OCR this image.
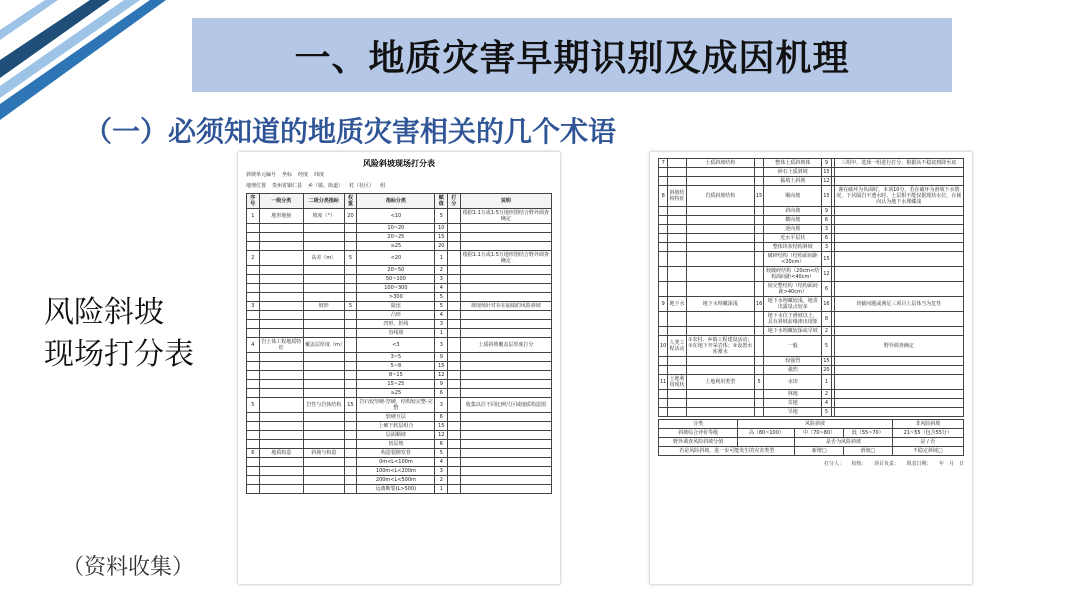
一、地质灾害早期识别及成因机理
（一）必须知道的地质灾害相关的几个术语
风险斜坡
现场打分表
（资料收集）
风险斜坡现场打分表
斜坡单元编号 坐标 经度 纬度
地理位置 贵州省铜仁县 乡（镇、街道） 村（社区） 组
序号	一级分类	二级分类指标	权重	指标分类	赋值	打分	说明
1	地形地貌	坡度（°）	20	<10	5		根据1:1万或1:5万地形图结合野外调查确定
				10~20	10		
				20~25	15		
				≥25	20		
2		高差（m）	5	<20	1		根据1:1万或1:5万地形图结合野外调查确定
				20~50	2		
				50~100	3		
				100~300	4		
				>300	5		
3		坡形	5	陡崖	5		视现场针对存在崩塌的风险斜坡
				凸形	4		
				凹形、折线	3		
				直线坡	1		
4	岩土体工程地质特征	覆盖层厚度（m）		<3	3		土质斜坡覆盖层厚度打分
				3~5	9		
				5~8	15		
				8~15	12		
				15~25	9		
				≥25	6		
5		岩性与岩体结构	15	岩石较坚硬-坚硬，结构较完整-完整	3		收集以往不同比例尺区域地质构造图
				软硬互层	6		
				上硬下软层组合	15		
				层面顺坡	12		
				切层坡	6		
6	地质构造	斜坡与构造		构造裂隙发育	5		
				0m<L<100m	4		
				100m<L<200m	3		
				200m<L<500m	2		
				远离断裂(L>500)	1		
7		土质斜坡结构		整体土质斜坡体	9		三组中，选择一组进行打分，根据高不稳底到降至底
				碎石土质斜坡	15		
				黏填土斜坡	12		
8	斜坡结构特征	岩质斜坡结构	15	顺向坡	15		谨在破坏为负面时，本项10分，若在破坏为滑坡下水情况，下伏隔岩不透水时，土层相不能仅据现状水位，在倾向认为地下水埋藏浅
				斜向坡	9		
				横向坡	6		
				逆向坡	3		
				近水平层状	6		
				整体块状结构斜坡	3		
				破碎结构（结构面间距<20cm）	15		
				较破碎结构（20cm<结构面间距<40cm）	12		
				较完整结构（结构面间距>40cm）	6		
9	地下水	地下水埋藏深浅	16	地下水埋藏较浅，地表出露泉点较多	16		切截问题或满足三项目土层体当为危性
				地下水位于滑坡以上，具有斜坡前缘渗出现象	8		
				地下水埋藏较深或旱坡	2		
10	人类工程活动	①农村、乡镇工程建设活动；②在地下开采岩体；③设置水库蓄水		一般	5		野外调查确定
				较强烈	15		
				强烈	20		
11	土地利用现状	土地利用类型	5	水田	1		
				林地	2		
				荒地	4		
				旱地	5		
分类	风险斜坡			非风险斜坡
斜坡综合评价等级	高（80~100）	中（70~80）	低（55~70）	21~55（包含55分）
野外调查风险斜坡分值		是否为风险斜坡		是 / 否
若是风险斜坡，进一步可能发生的灾害类型		新增□	滑坡□	不稳定斜坡□
打分人：　　校核：　　项目负责：　　填表日期：　　年　月　日
